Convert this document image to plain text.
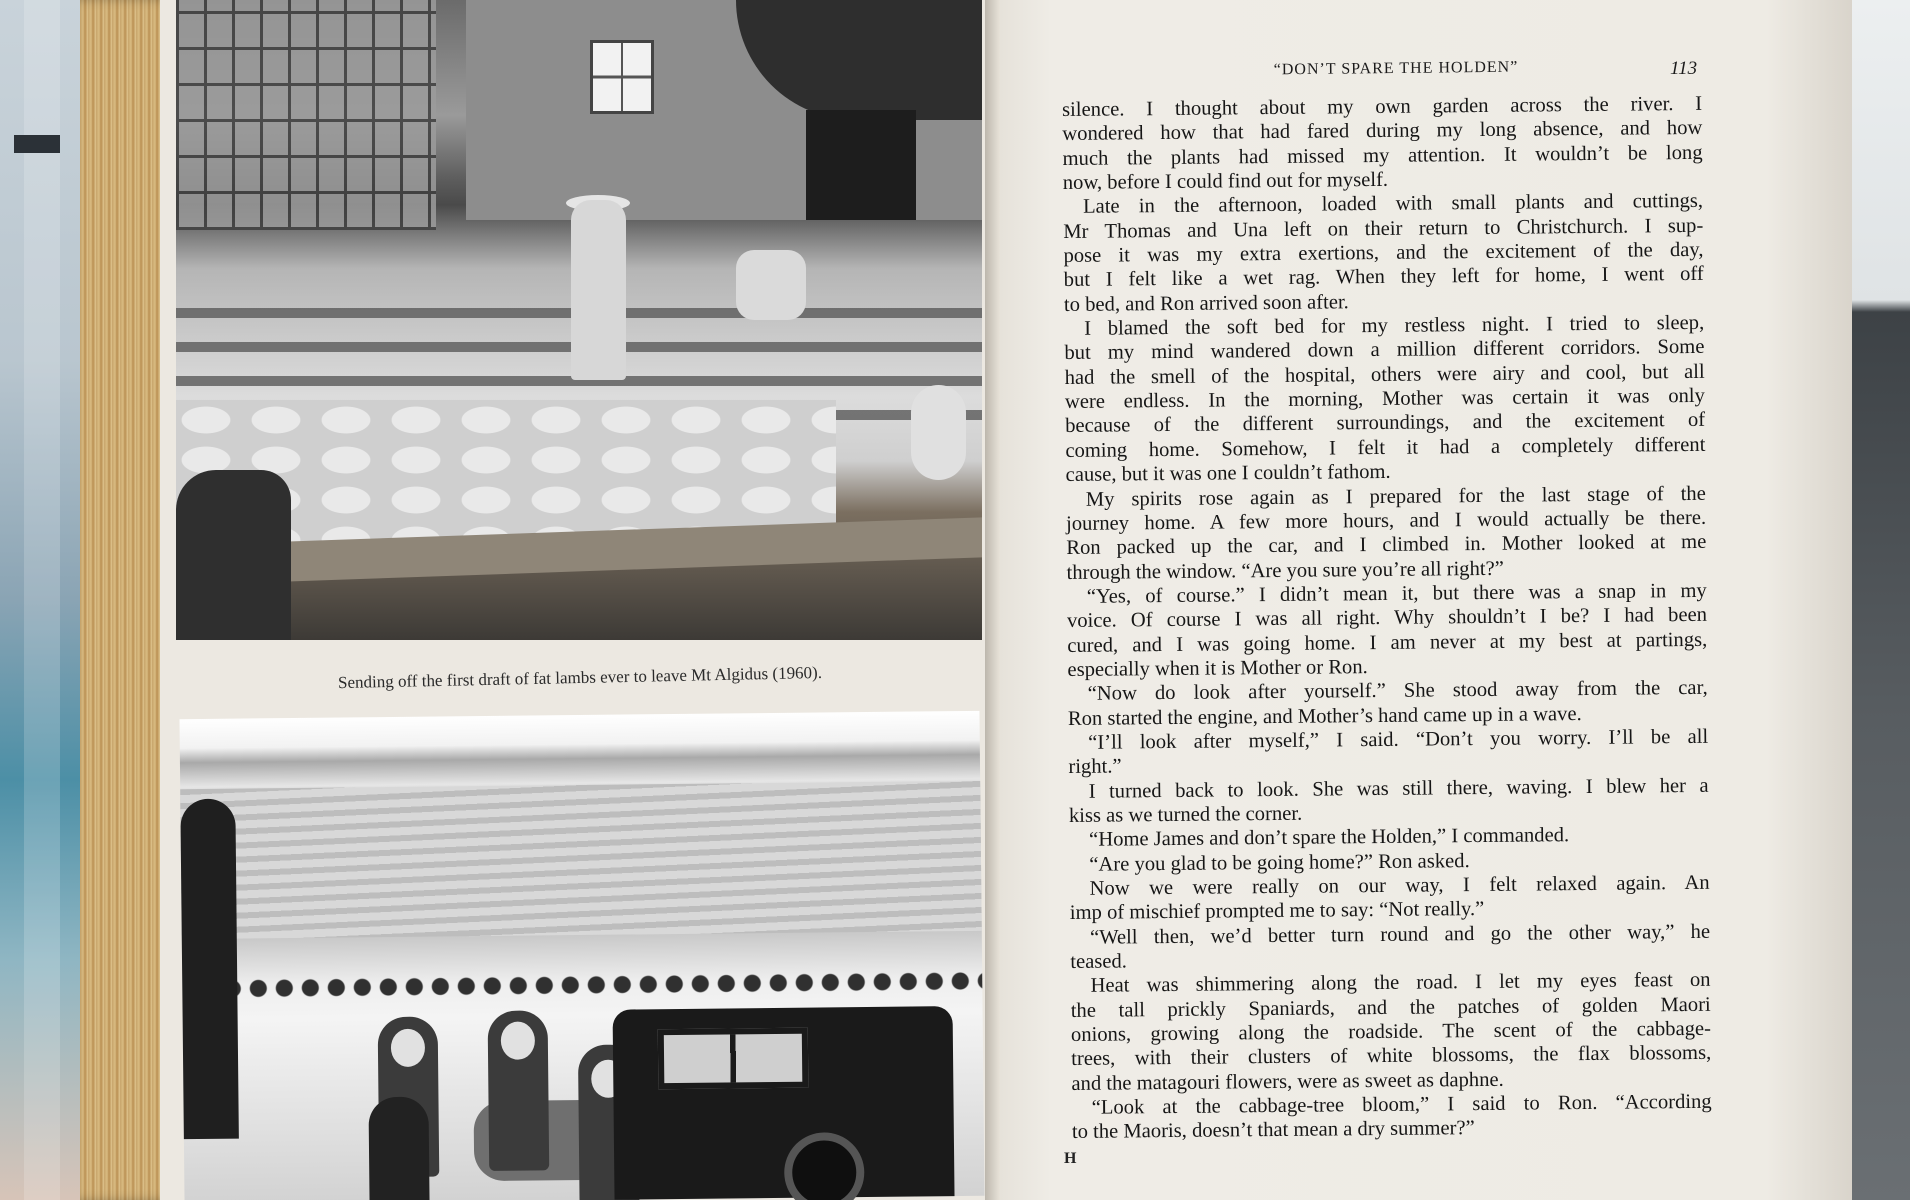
Sending off the first draft of fat lambs ever to leave Mt Algidus (1960).
“DON’T SPARE THE HOLDEN”	113
silence. I thought about my own garden across the river. I
wondered how that had fared during my long absence, and how
much the plants had missed my attention. It wouldn’t be long
now, before I could find out for myself.
Late in the afternoon, loaded with small plants and cuttings,
Mr Thomas and Una left on their return to Christchurch. I sup-
pose it was my extra exertions, and the excitement of the day,
but I felt like a wet rag. When they left for home, I went off
to bed, and Ron arrived soon after.
I blamed the soft bed for my restless night. I tried to sleep,
but my mind wandered down a million different corridors. Some
had the smell of the hospital, others were airy and cool, but all
were endless. In the morning, Mother was certain it was only
because of the different surroundings, and the excitement of
coming home. Somehow, I felt it had a completely different
cause, but it was one I couldn’t fathom.
My spirits rose again as I prepared for the last stage of the
journey home. A few more hours, and I would actually be there.
Ron packed up the car, and I climbed in. Mother looked at me
through the window. “Are you sure you’re all right?”
“Yes, of course.” I didn’t mean it, but there was a snap in my
voice. Of course I was all right. Why shouldn’t I be? I had been
cured, and I was going home. I am never at my best at partings,
especially when it is Mother or Ron.
“Now do look after yourself.” She stood away from the car,
Ron started the engine, and Mother’s hand came up in a wave.
“I’ll look after myself,” I said. “Don’t you worry. I’ll be all
right.”
I turned back to look. She was still there, waving. I blew her a
kiss as we turned the corner.
“Home James and don’t spare the Holden,” I commanded.
“Are you glad to be going home?” Ron asked.
Now we were really on our way, I felt relaxed again. An
imp of mischief prompted me to say: “Not really.”
“Well then, we’d better turn round and go the other way,” he
teased.
Heat was shimmering along the road. I let my eyes feast on
the tall prickly Spaniards, and the patches of golden Maori
onions, growing along the roadside. The scent of the cabbage-
trees, with their clusters of white blossoms, the flax blossoms,
and the matagouri flowers, were as sweet as daphne.
“Look at the cabbage-tree bloom,” I said to Ron. “According
to the Maoris, doesn’t that mean a dry summer?”
H
